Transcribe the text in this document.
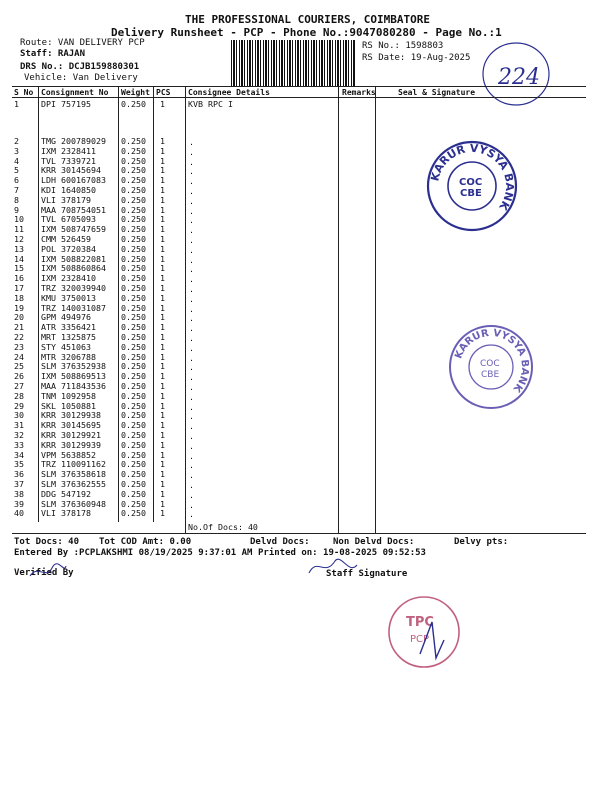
THE PROFESSIONAL COURIERS, COIMBATORE
Delivery Runsheet - PCP - Phone No.:9047080280 - Page No.:1
Route: VAN DELIVERY PCP
Staff: RAJAN
DRS No.: DCJB159880301
Vehicle: Van Delivery
RS No.: 1598803
RS Date: 19-Aug-2025
224
S No Consignment No Weight PCS Consignee Details	Remarks	Seal & Signature
1	DPI 757195	0.250 1	KVB RPC I
2	TMG 200789029 0.250 1	.
3	IXM 2328411	0.250 1	.
4	TVL 7339721	0.250 1	.
5	KRR 30145694 0.250 1	.
6	LDH 600167083 0.250 1	.
7	KDI 1640850	0.250 1	.
8	VLI 378179	0.250 1	.
9	MAA 708754051 0.250 1	.
10 TVL 6705093	0.250 1	.
11 IXM 508747659 0.250 1	.
12 CMM 526459	0.250 1	.
13 POL 3720384	0.250 1	.
14 IXM 508822081 0.250 1	.
15 IXM 508860864 0.250 1	.
16 IXM 2328410	0.250 1	.
17 TRZ 320039940 0.250 1	.
18 KMU 3750013	0.250 1	.
19 TRZ 140031087 0.250 1	.
20 GPM 494976	0.250 1	.
21 ATR 3356421	0.250 1	.
22 MRT 1325875	0.250 1	.
23 STY 451063	0.250 1	.
24 MTR 3206788	0.250 1	.
25 SLM 376352938 0.250 1	.
26 IXM 508869513 0.250 1	.
27 MAA 711843536 0.250 1	.
28 TNM 1092958	0.250 1	.
29 SKL 1050881	0.250 1	.
30 KRR 30129938 0.250 1	.
31 KRR 30145695 0.250 1	.
32 KRR 30129921 0.250 1	.
33 KRR 30129939 0.250 1	.
34 VPM 5638852	0.250 1	.
35 TRZ 110091162 0.250 1	.
36 SLM 376358618 0.250 1	.
37 SLM 376362555 0.250 1	.
38 DDG 547192	0.250 1	.
39 SLM 376360948 0.250 1	.
40 VLI 378178	0.250 1	.
No.Of Docs: 40
Tot Docs: 40 Tot COD Amt: 0.00	Delvd Docs:	Non Delvd Docs:	Delvy pts:
Entered By :PCPLAKSHMI 08/19/2025 9:37:01 AM Printed on: 19-08-2025 09:52:53
Verified By	Staff Signature
KARUR VYSYA BANK
COC
CBE
KARUR VYSYA BANK
COC
CBE
TPC
PCP
